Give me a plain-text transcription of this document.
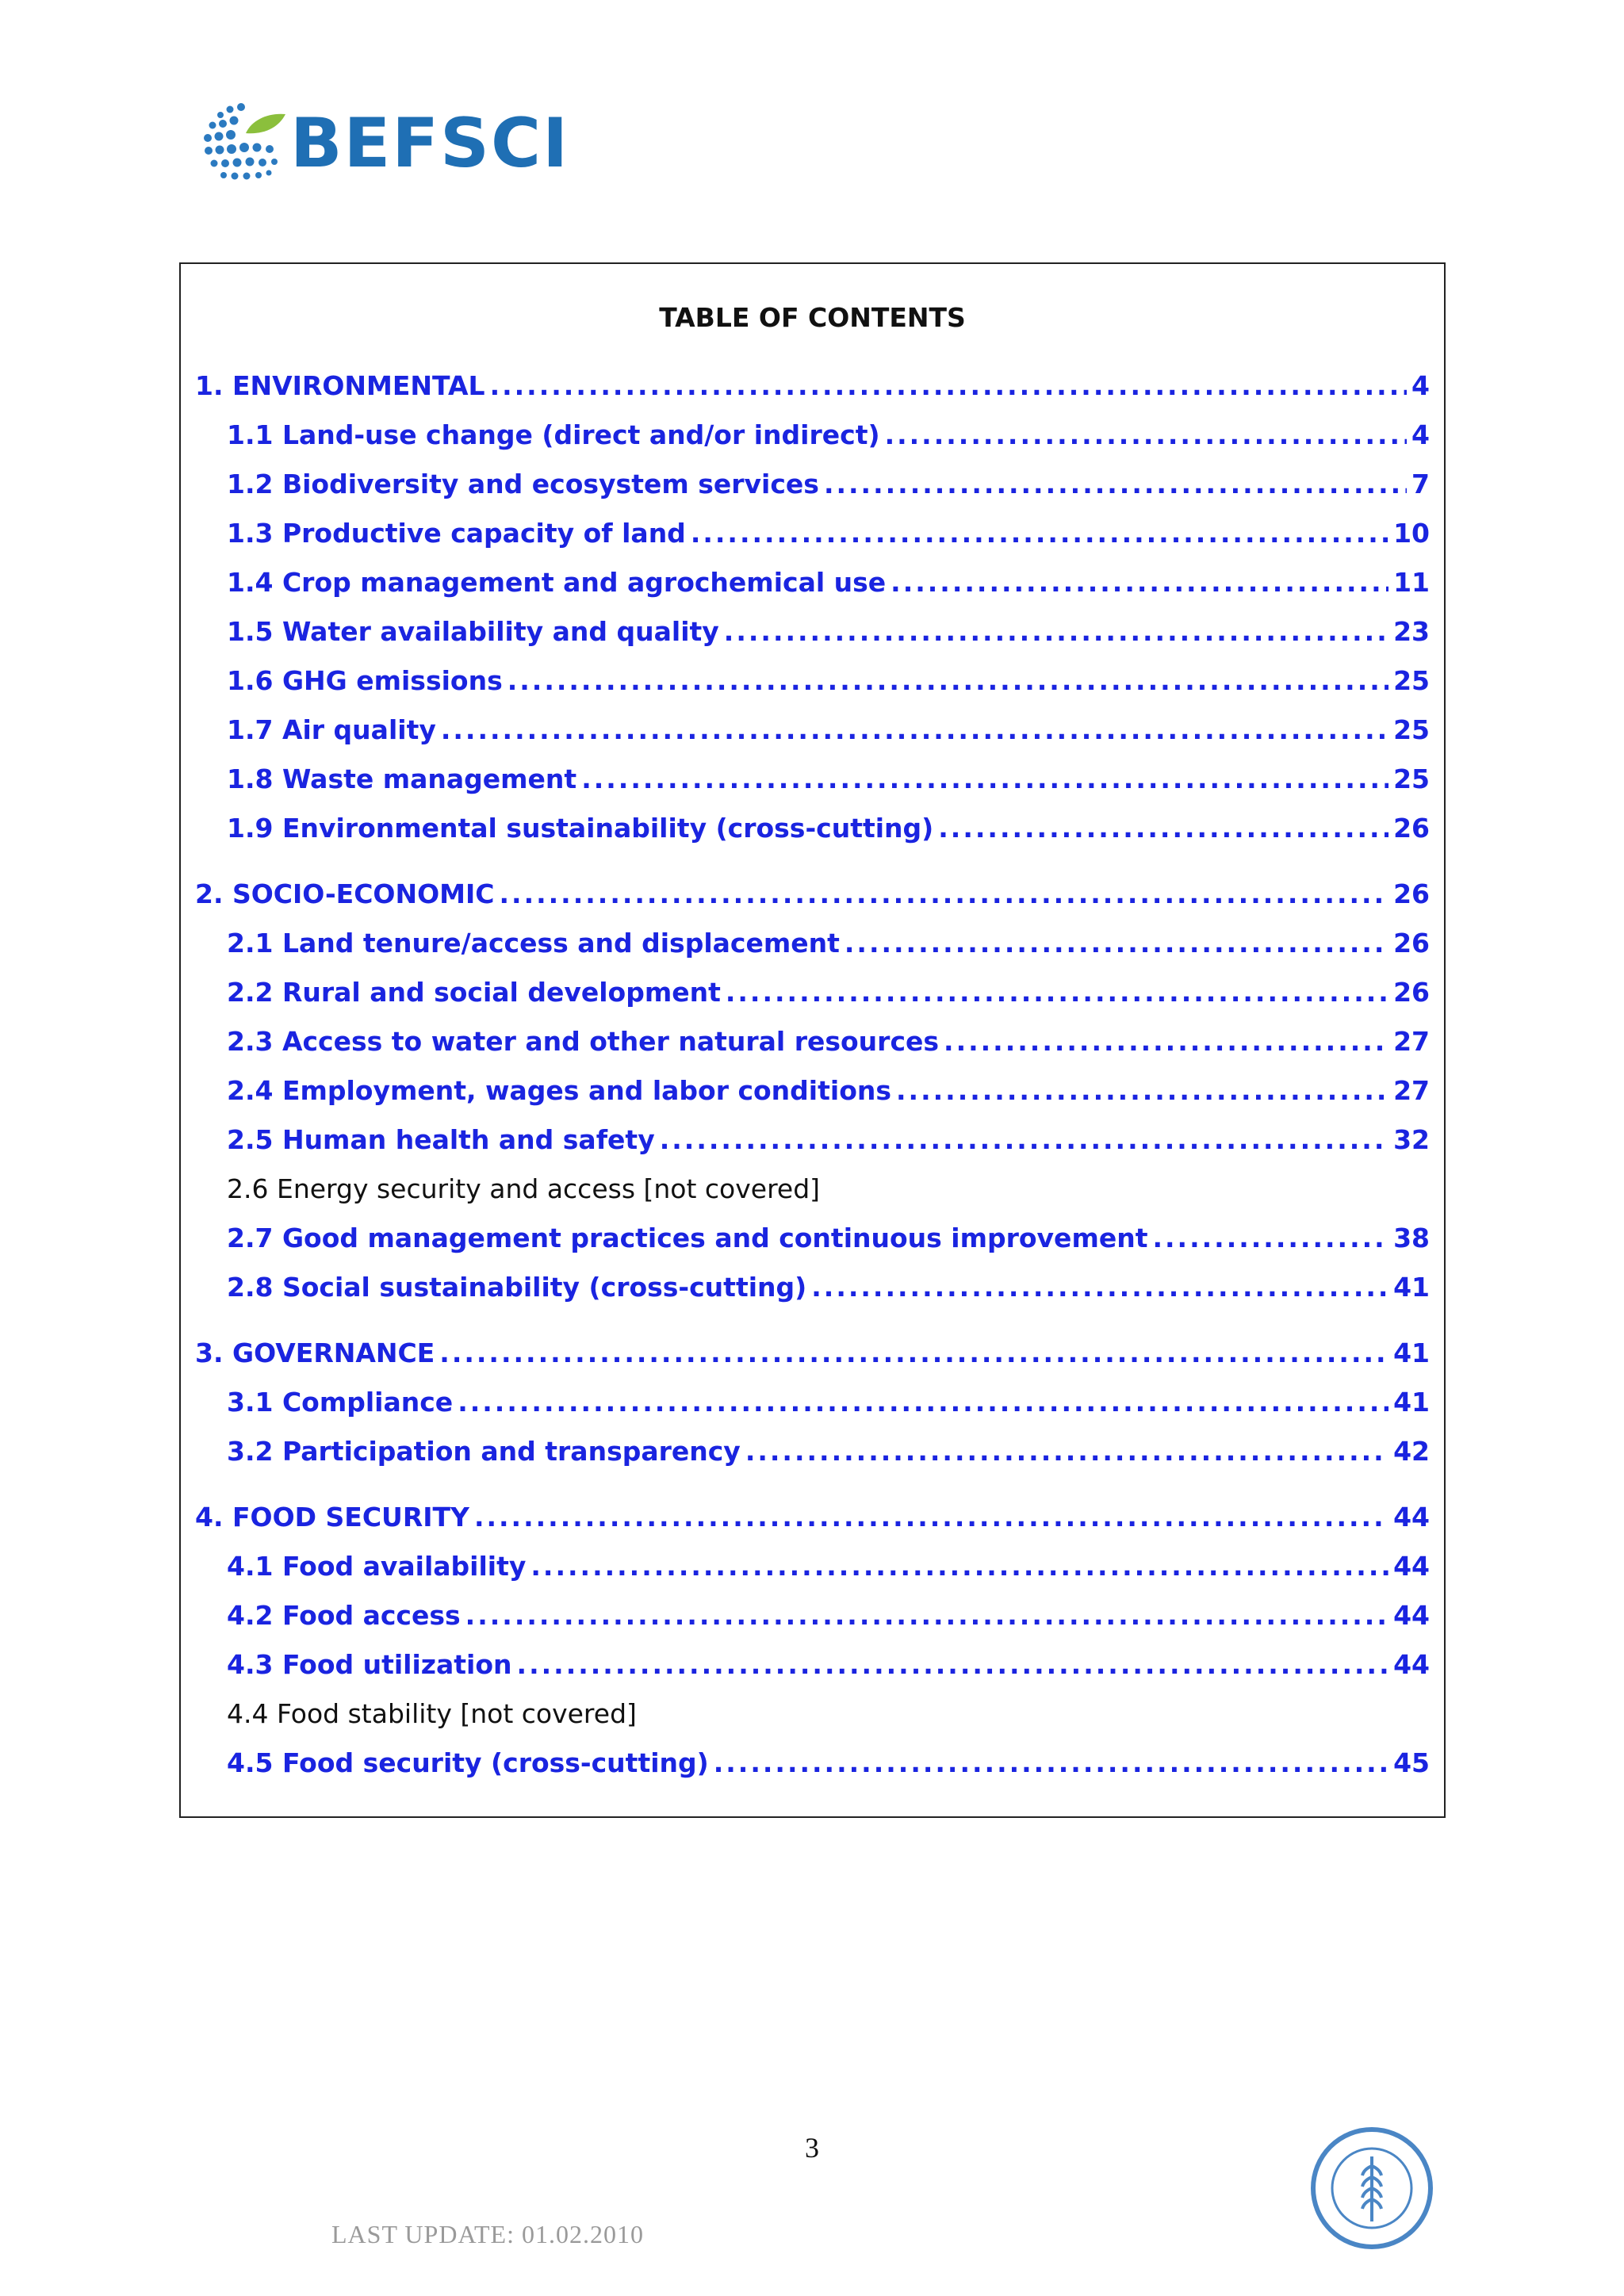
BEFSCI
TABLE OF CONTENTS
1. ENVIRONMENTAL .....	4
1.1 Land-use change (direct and/or indirect) .....	4
1.2 Biodiversity and ecosystem services .....	7
1.3 Productive capacity of land .....	10
1.4 Crop management and agrochemical use .....	11
1.5 Water availability and quality .....	23
1.6 GHG emissions .....	25
1.7 Air quality .....	25
1.8 Waste management .....	25
1.9 Environmental sustainability (cross-cutting) .....	26
2. SOCIO-ECONOMIC .....	26
2.1 Land tenure/access and displacement .....	26
2.2 Rural and social development .....	26
2.3 Access to water and other natural resources .....	27
2.4 Employment, wages and labor conditions .....	27
2.5 Human health and safety .....	32
2.6 Energy security and access [not covered]
2.7 Good management practices and continuous improvement .....	38
2.8 Social sustainability (cross-cutting) .....	41
3. GOVERNANCE .....	41
3.1 Compliance .....	41
3.2 Participation and transparency .....	42
4. FOOD SECURITY .....	44
4.1 Food availability .....	44
4.2 Food access .....	44
4.3 Food utilization .....	44
4.4 Food stability [not covered]
4.5 Food security (cross-cutting) .....	45
3
LAST UPDATE: 01.02.2010
